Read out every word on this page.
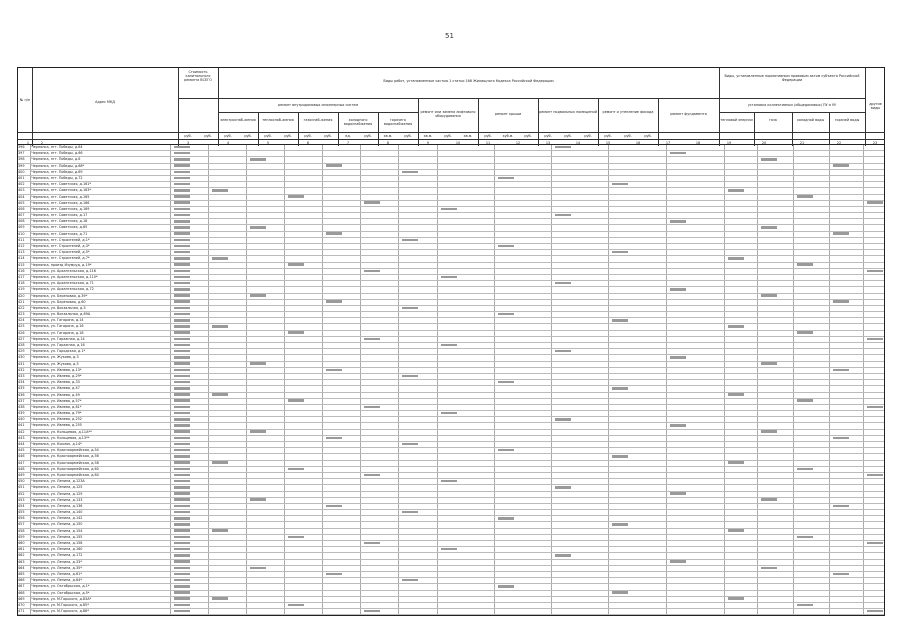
51
№ п/п	Адрес МКД
Стоимость капитального ремонта ВСЕГО	Виды работ, установленные частью 1 статьи 166 Жилищного Кодекса Российской Федерации
Виды, установленные нормативным правовым актом субъекта Российской Федерации
ремонт внутридомовых инженерных систем
электроснаб-жения	теплоснаб-жения	газоснаб-жения	холодного водоснабжения
горячего водоснабжения
ремонт или замена лифтового оборудования	ремонт крыши	ремонт подвальных помещений	ремонт и утепление фасада	ремонт фундамента
установка коллективных (общедомовых) ПУ и УУ
тепловой энергии	газа	холодной воды	горячей воды
другие виды
руб.	руб.	руб.	руб.	руб.	руб.	руб.	руб.	ед.	руб.	кв.м.	руб.	кв.м.	руб.	кв.м.	руб.	куб.м.	руб.	руб.	руб.	руб.	руб.	руб.	руб.
1	2	3	4	5	6	7	8	9	10	11	12	13	14	15	16	17	18	19	20	21	22	23
396	Чернянка, пгт. Победы, д.64
397	Чернянка, пгт. Победы, д.66
398	Чернянка, пгт. Победы, д.6
399	Чернянка, пгт. Победы, д.68*
400	Чернянка, пгт. Победы, д.69
401	Чернянка, пгт. Победы, д.72
402	Чернянка, пгт. Советская, д.161*
403	Чернянка, пгт. Советская, д.163*
404	Чернянка, пгт. Советская, д.165
405	Чернянка, пгт. Советская, д.166
406	Чернянка, пгт. Советская, д.169
407	Чернянка, пгт. Советская, д.17
408	Чернянка, пгт. Советская, д.18
409	Чернянка, пгт. Советская, д.65
410	Чернянка, пгт. Советская, д.71
411	Чернянка, пгт. Строителей, д.1*
412	Чернянка, пгт. Строителей, д.3*
413	Чернянка, пгт. Строителей, д.5*
414	Чернянка, пгт. Строителей, д.7*
415	Чернянка, проезд Изумруд, д.19*
416	Чернянка, ул. Архангельская, д.116
417	Чернянка, ул. Архангельская, д.110*
418	Чернянка, ул. Архангельская, д.71
419	Чернянка, ул. Архангельская, д.72
420	Чернянка, ул. Березовая, д.39*
421	Чернянка, ул. Березовая, д.60
422	Чернянка, ул. Вокзальная, д.5
423	Чернянка, ул. Вокзальная, д.69А
424	Чернянка, ул. Гагарина, д.14
425	Чернянка, ул. Гагарина, д.16
426	Чернянка, ул. Гагарина, д.18
427	Чернянка, ул. Гаражная, д.14
428	Чернянка, ул. Гаражная, д.16
429	Чернянка, ул. Городская, д.1*
430	Чернянка, ул. Жукова, д.3
431	Чернянка, ул. Жукова, д.5
432	Чернянка, ул. Ивлева, д.13*
433	Чернянка, ул. Ивлева, д.29*
434	Чернянка, ул. Ивлева, д.33
435	Чернянка, ул. Ивлева, д.47
436	Чернянка, ул. Ивлева, д.49
437	Чернянка, ул. Ивлева, д.57*
438	Чернянка, ул. Ивлева, д.61*
439	Чернянка, ул. Ивлева, д.79*
440	Чернянка, ул. Ивлева, д.252
441	Чернянка, ул. Ивлева, д.255
442	Чернянка, ул. Кольцевая, д.11А**
443	Чернянка, ул. Кольцевая, д.13**
444	Чернянка, ул. Космон, д.14*
445	Чернянка, ул. Красноармейская, д.54
446	Чернянка, ул. Красноармейская, д.56
447	Чернянка, ул. Красноармейская, д.58
448	Чернянка, ул. Красноармейская, д.60
449	Чернянка, ул. Красноармейская, д.64
450	Чернянка, ул. Ленина, д.123А
451	Чернянка, ул. Ленина, д.125
452	Чернянка, ул. Ленина, д.129
453	Чернянка, ул. Ленина, д.133
454	Чернянка, ул. Ленина, д.136
455	Чернянка, ул. Ленина, д.140
456	Чернянка, ул. Ленина, д.142
457	Чернянка, ул. Ленина, д.150
458	Чернянка, ул. Ленина, д.154
459	Чернянка, ул. Ленина, д.155
460	Чернянка, ул. Ленина, д.158
461	Чернянка, ул. Ленина, д.160
462	Чернянка, ул. Ленина, д.172
463	Чернянка, ул. Ленина, д.33*
464	Чернянка, ул. Ленина, д.35*
465	Чернянка, ул. Ленина, д.61*
466	Чернянка, ул. Ленина, д.64*
467	Чернянка, ул. Октябрьская, д.1*
468	Чернянка, ул. Октябрьская, д.5*
469	Чернянка, ул. М.Горького, д.83А*
470	Чернянка, ул. М.Горького, д.85*
471	Чернянка, ул. М.Горького, д.86*
